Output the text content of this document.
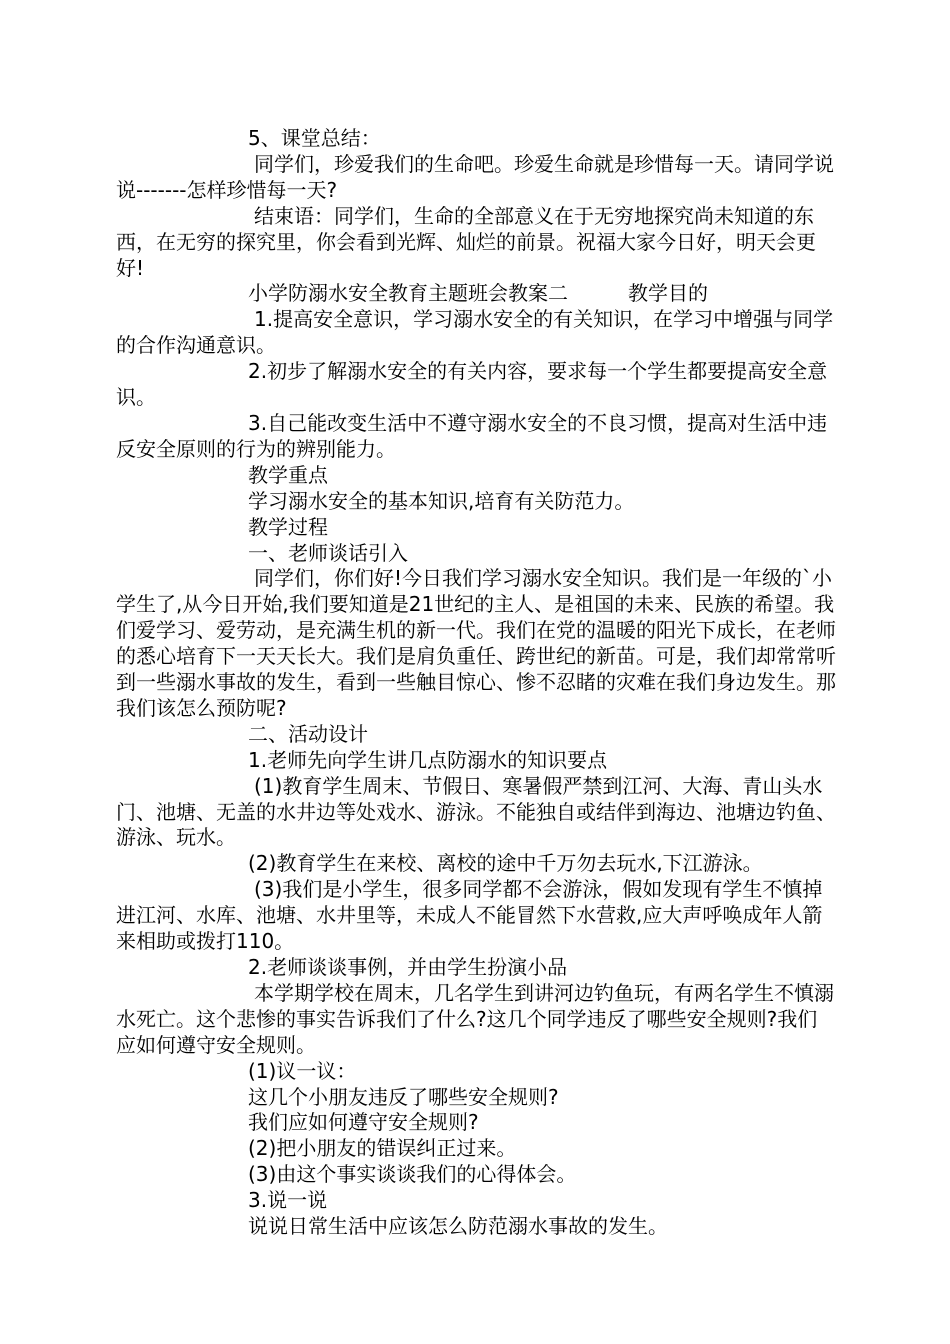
5、课堂总结：

同学们，珍爱我们的生命吧。珍爱生命就是珍惜每一天。请同学说说-------怎样珍惜每一天?

结束语：同学们，生命的全部意义在于无穷地探究尚未知道的东西，在无穷的探究里，你会看到光辉、灿烂的前景。祝福大家今日好，明天会更好!

小学防溺水安全教育主题班会教案二　　　教学目的

1.提高安全意识，学习溺水安全的有关知识，在学习中增强与同学的合作沟通意识。

2.初步了解溺水安全的有关内容，要求每一个学生都要提高安全意识。

3.自己能改变生活中不遵守溺水安全的不良习惯，提高对生活中违反安全原则的行为的辨别能力。

教学重点

学习溺水安全的基本知识,培育有关防范力。

教学过程

一、老师谈话引入

同学们，你们好!今日我们学习溺水安全知识。我们是一年级的`小学生了,从今日开始,我们要知道是21世纪的主人、是祖国的未来、民族的希望。我们爱学习、爱劳动，是充满生机的新一代。我们在党的温暖的阳光下成长，在老师的悉心培育下一天天长大。我们是肩负重任、跨世纪的新苗。可是，我们却常常听到一些溺水事故的发生，看到一些触目惊心、惨不忍睹的灾难在我们身边发生。那我们该怎么预防呢?

二、活动设计

1.老师先向学生讲几点防溺水的知识要点

(1)教育学生周末、节假日、寒暑假严禁到江河、大海、青山头水门、池塘、无盖的水井边等处戏水、游泳。不能独自或结伴到海边、池塘边钓鱼、游泳、玩水。

(2)教育学生在来校、离校的途中千万勿去玩水,下江游泳。

(3)我们是小学生，很多同学都不会游泳，假如发现有学生不慎掉进江河、水库、池塘、水井里等，未成人不能冒然下水营救,应大声呼唤成年人箭来相助或拨打110。

2.老师谈谈事例，并由学生扮演小品

本学期学校在周末，几名学生到讲河边钓鱼玩，有两名学生不慎溺水死亡。这个悲惨的事实告诉我们了什么?这几个同学违反了哪些安全规则?我们应如何遵守安全规则。

(1)议一议：

这几个小朋友违反了哪些安全规则?

我们应如何遵守安全规则?

(2)把小朋友的错误纠正过来。

(3)由这个事实谈谈我们的心得体会。

3.说一说

说说日常生活中应该怎么防范溺水事故的发生。
